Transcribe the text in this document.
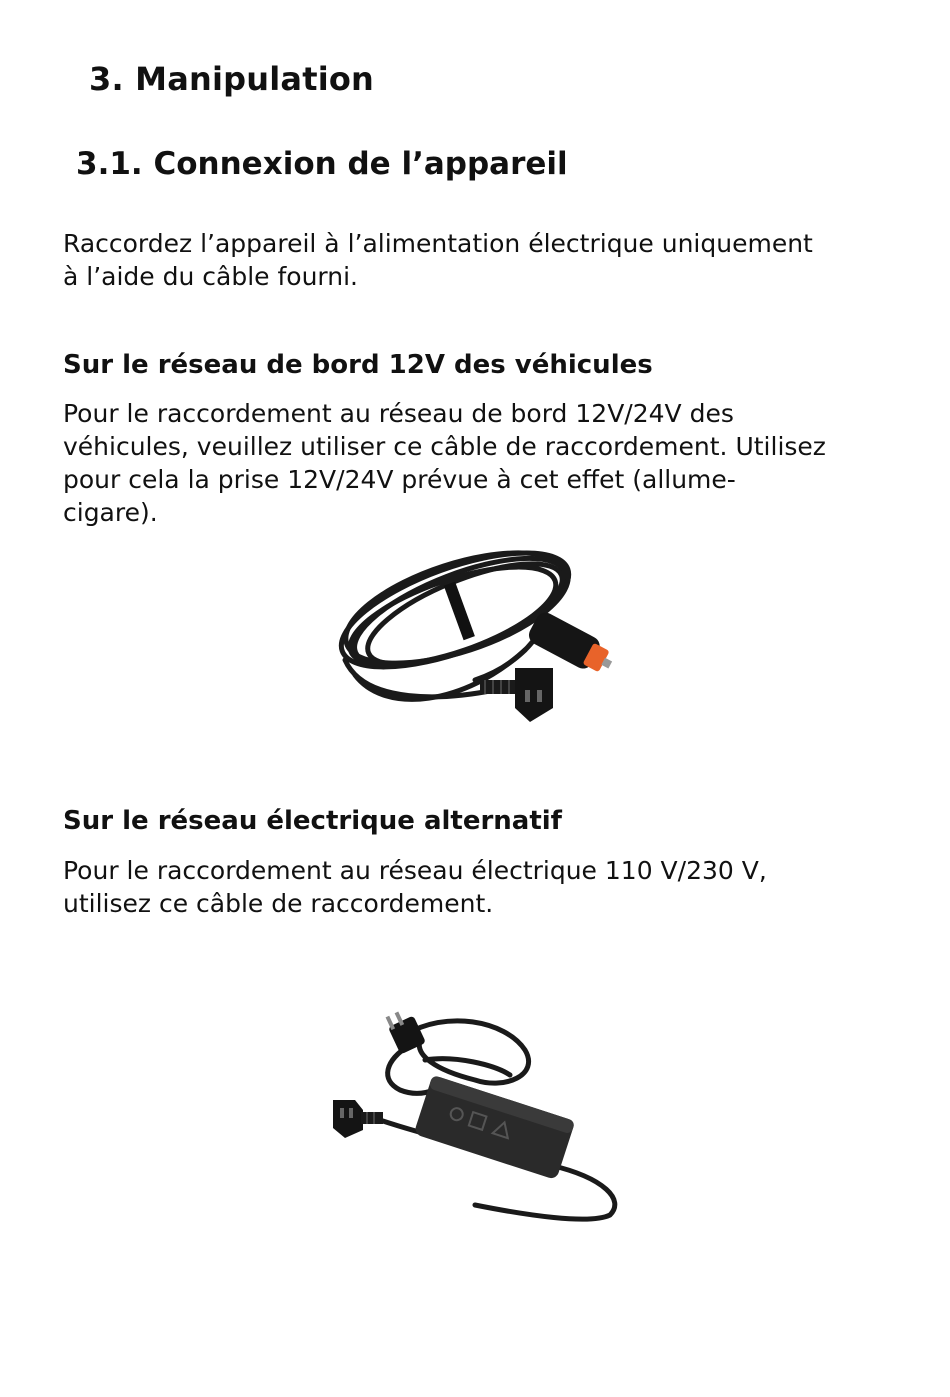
3. Manipulation
3.1. Connexion de l’appareil
Raccordez l’appareil à l’alimentation électrique uniquement
à l’aide du câble fourni.
Sur le réseau de bord 12V des véhicules
Pour le raccordement au réseau de bord 12V/24V des
véhicules, veuillez utiliser ce câble de raccordement. Utilisez
pour cela la prise 12V/24V prévue à cet effet (allume-
cigare).
Sur le réseau électrique alternatif
Pour le raccordement au réseau électrique 110 V/230 V,
utilisez ce câble de raccordement.
